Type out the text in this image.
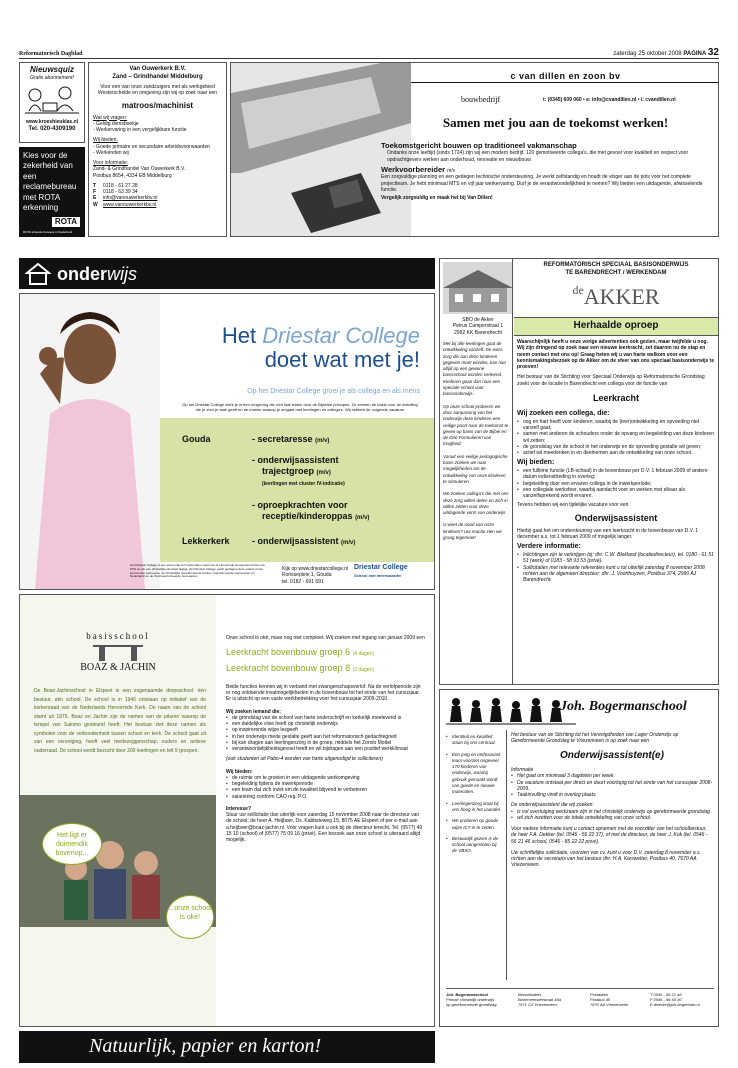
Reformatorisch Dagblad	zaterdag 25 oktober 2008 PAGINA 32
Nieuwsquiz
Gratis abonnement!
www.kroeshieuklas.nl
Tel. 020-4309190
Kies voor de zekerheid van een reclamebureau met ROTA erkenning
ROTA
ROTA erkende bureaus in Nederland
Van Ouwerkerk B.V.
Zand – Grindhandel Middelburg
Voor een van onze zandzuigers met als werkgebied Westerschelde en omgeving zijn wij op zoek naar een
matroos/machinist
Wat wij vragen:
- Geldig diensboekje
- Werkervaring in een vergelijkbare functie
Wij bieden:
- Goede primaire en secundaire arbeidsvoorwaarden
- Werkenden wij
Voor informatie:
Zand- & Grindhandel Van Ouwerkerk B.V.
Postbus 8654, 4334 EB Middelburg
T 0118 - 61 27 28
F 0118 - 63 39 34
E info@vanouwerkerkbv.nl
W www.vanouwerkerkbv.nl
c van dillen en zoon bv
bouwbedrijf	t: (0345) 609 060 • e: info@cvandillen.nl • i: cvandillen.nl
Samen met jou aan de toekomst werken!
Toekomstgericht bouwen op traditioneel vakmanschap

Ondanks onze leeftijd (sinds 1724) zijn wij een modern bedrijf. 120 gemotiveerde collega's, die met gevoel voor kwaliteit en respect voor opdrachtgevers werken aan onderhoud, renovatie en nieuwbouw.

Werkvoorbereider m/v

Een zorgvuldige planning en een gedegen technische ondersteuning. Je werkt zelfstandig en houdt de vinger aan de pols voor het complete projectteam. Je hebt minimaal MTS en vijf jaar werkervaring. Durf je de verantwoordelijkheid te nemen? Wij bieden een uitdagende, afwisselende functie.

Vergelijk zorgvuldig en maak het bij Van Dillen!

onderwijs
Het Driestar College
doet wat met je!
Op het Driestar College groei je als collega en als mens
Op het Driestar College werk je in een omgeving die zich laat leiden door de Bijbelse principes. Ze vormen de basis voor de instelling die je voor je taak geeft en de manier waarop je omgaat met leerlingen en collega's. Wij hebben de volgende vacature
Gouda	- secretaresse (m/v)
- onderwijsassistent
trajectgroep (m/v)
(leerlingen met cluster IV-indicatie)
- oproepkrachten voor
receptie/kinderoppas (m/v)
Lekkerkerk - onderwijsassistent (m/v)
Het Driestar College is een school die zich verbonden voelt met de Hervormde Gemeenten binnen de PKN en die een christelijke identiteit draagt. Het Driestar College wordt gedragen door ouders uit de Hervormde Gemeente, de Christelijke Gereformeerde Kerken, Gereformeerde Gemeenten (in Nederland) en de Oud Gereformeerde Gemeenten.
Kijk op www.driestarcollege.nl
Ronsseplein 1, Gouda
tel. 0182 - 691 691
Driestar College
School met meerwaarde!
SBO de Akker
Petrus Camperstraat 1
2992 KK Barendrecht

Met bij alle leerlingen gaat de ontwikkeling vanzelf. De extra zorg die aan deze kinderen gegeven moet worden, kan niet altijd op een gewone basisschool worden verleend. Kinderen gaan dan naar een speciale school voor basisonderwijs.

Op onze school proberen we door aanpassing van het onderwijs deze kinderen een veilige poort naar de toekomst te geven op basis van de Bijbel en de Drie Formulieren van Enigheid.

Vanuit een veilige pedagogische basis zoeken we naar mogelijkheden om de ontwikkeling van onze kinderen te stimuleren.

We zoeken collega's die met ons deze zorg willen delen en zich in willen zetten voor deze uitdagende vorm van onderwijs.

U weet de nood van onze kinderen? Uw reactie zien we graag tegemoet!

REFORMATORISCH SPECIAAL BASISONDERWIJS
TE BARENDRECHT / WERKENDAM
$^{de}$AKKER
Herhaalde oproep

Waarschijnlijk heeft u onze vorige advertenties ook gezien, maar twijfelde u nog. Wij zijn dringend op zoek naar een nieuwe leerkracht, zet daarom nu de stap en neem contact met ons op! Graag heten wij u van harte welkom voor een kennismakingsbezoek op de Akker om de sfeer van ons speciaal basisonderwijs te proeven!

Het bestuur van de Stichting voor Speciaal Onderwijs op Reformatorische Grondslag zoekt voor de locatie in Barendrecht een collega voor de functie van

Leerkracht
Wij zoeken een collega, die:
• oog en hart heeft voor kinderen, waarbij de (leer)ontwikkeling en opvoeding niet vanzelf gaat;
• samen met anderen de schouders onder de opvang en begeleiding van deze kinderen wil zetten;
• de grondslag van de school in het onderwijs en de opvoeding gestalte wil geven;
• actief wil meedenken in en deelnemen aan de ontwikkeling van onze school.
Wij bieden:
• een fulltime functie (LB-schaal) in de bovenbouw per D.V. 1 februari 2009 of andere datum indiensttreding in overleg;
• begeleiding door een ervaren collega in de inwerkperiode;
• een collegiale werksfeer, waarbij aandacht voor en werken met elkaar als vanzelfsprekend wordt ervaren.

Tevens hebben wij een tijdelijke vacature voor een

Onderwijsassistent

Hierbij gaat het om ondersteuning van een leerkracht in de bovenbouw van D.V. 1 december a.s. tot 1 februari 2009 of mogelijk langer.

Verdere informatie:
• Inlichtingen zijn te verkrijgen bij: dhr. C.W. Blokland (locatiedirecteur), tel. 0180 - 61 51 51 (werk) of 0183 - 58 93 53 (privé).
• Sollicitaties met relevante referenties kunt u tot uiterlijk zaterdag 8 november 2008 richten aan de algemeen directeur: dhr. J. Voorthuyzen, Postbus 374, 2990 AJ Barendrecht.
basisschool
BOAZ & JACHIN
De Boaz-Jachinschool in Elspeet is een zogenaamde dorpsschool: één bestuur, één school. De school is in 1946 ontstaan op initiatief van de kerkenraad van de Nederlands Hervormde Kerk. De naam van de school stamt uit 1975. Boaz en Jachin zijn de namen van de pilaren waarop de tempel van Salomo gesteund heeft. Het bestuur ziet deze namen als symbolen voor de verbondenheid tussen school en kerk. De school gaat uit van een vereniging, heeft veel medezeggenschap, ouders en actieve ouderraad. De school wordt bezocht door 200 leerlingen en telt 9 groepen.
Het ligt er duimendik bovenop...
...onze school is oké!

Onze school is oké, maar nog niet compleet. Wij zoeken met ingang van januari 2009 een

Leerkracht bovenbouw groep 6 (4 dagen)
Leerkracht bovenbouw groep 8 (2 dagen)

Beide functies kennen wij in verband met zwangerschapsverlof. Na de verlofperiode zijn er nog voldoende invalmogelijkheden in de bovenbouw tot het einde van het cursusjaar. Er is uitzicht op een vaste werkbetrekking voor het cursusjaar 2009-2010.

Wij zoeken iemand die:
• de grondslag van de school van harte onderschrijft en kerkelijk meelevend is
• een duidelijke visie heeft op christelijk onderwijs
• op inspirerende wijze lesgeeft
• in het onderwijs mede gestalte geeft aan het reformatorisch gedachtegoed
• bij kan dragen aan leerlingenzorg in de groep, middels het Zorolo Model
• verantwoordelijkheidsgevoel heeft en wil bijdragen aan een positief werkklimaat

(ook studenten uit Pabo-4 worden van harte uitgenodigd te solliciteren)

Wij bieden:
• de ruimte om te groeien in een uitdagende werkomgeving
• begeleiding tijdens de inwerkperiode
• een team dat zich inzet om de kwaliteit blijvend te verbeteren
• salariëring conform CAO reg. P.O.
Interesse?

Stuur uw sollicitatie dan uiterlijk voor zaterdag 15 november 2008 naar de directeur van de school, de heer A. Heijboer, Ds. Kabbsteweg 15, 8075 AE Elspeet of per e-mail aan a.heijboer@boaz-jachin.nl. Voor vragen kunt u ook bij de directeur terecht. Tel. (0577) 49 15 10 (school) of (0577) 75 09 16 (privé). Een bezoek aan onze school is uiteraard altijd mogelijk.

Joh. Bogermanschool
• Identiteit en kwaliteit staan bij ons centraal.
• Een jong en enthousiast team voorziet ongeveer 170 kinderen van onderwijs, waarbij gebruik gemaakt wordt van goede en nieuwe materialen.
• Leerlingenzorg staat bij ons hoog in het vaandel.
• We proberen op goede wijze ICT in te zetten.
• Bestuurlijk gezien is de school aangesloten bij de VBSO.

Het bestuur van de Stichting tot het Verenigdheden van Lager Onderwijs op Gereformeerde Grondslag te Vriezenveen is op zoek naar een

Onderwijsassistent(e)
Informatie
• Het gaat om minimaal 3 dagdelen per week.
• De vacature ontstaat per direct en duurt voorlopig tot het einde van het cursusjaar 2008-2009.
• Taakinvulling vindt in overleg plaats.
De onderwijsassistent die wij zoeken:
• is vol overtuiging werkzaam zijn in het christelijk onderwijs op gereformeerde grondslag
• wil zich inzetten voor de totale ontwikkeling van onze school.

Voor nadere informatie kunt u contact opnemen met de voorzitter van het schoolbestuur, de heer F.A. Dekker (tel. 0546 - 56 22 37), of met de directeur, de heer J. Kok (tel. 0546 - 56 21 46 school, 0546 - 85 22 22 privé).

Uw schriftelijke sollicitatie, voorzien van cv, kunt u voor D.V. zaterdag 8 november a.s. richten aan de secretaris van het bestuur dhr. H.A. Kieswetter, Postbus 40, 7670 AA Vriezenveen.

Joh. Bogermanschool	Bezoekadres	Postadres	T 0546 - 56 21 46
Primair christelijk onderwijs	Bonemeersterstraat 45a	Postbus 40	F 0546 - 56 69 30
op gereformeerde grondslag	7671 CX Vriezenveen	7670 AA Vriezenveen	E directie@joh-bogerman.nl
Natuurlijk, papier en karton!
